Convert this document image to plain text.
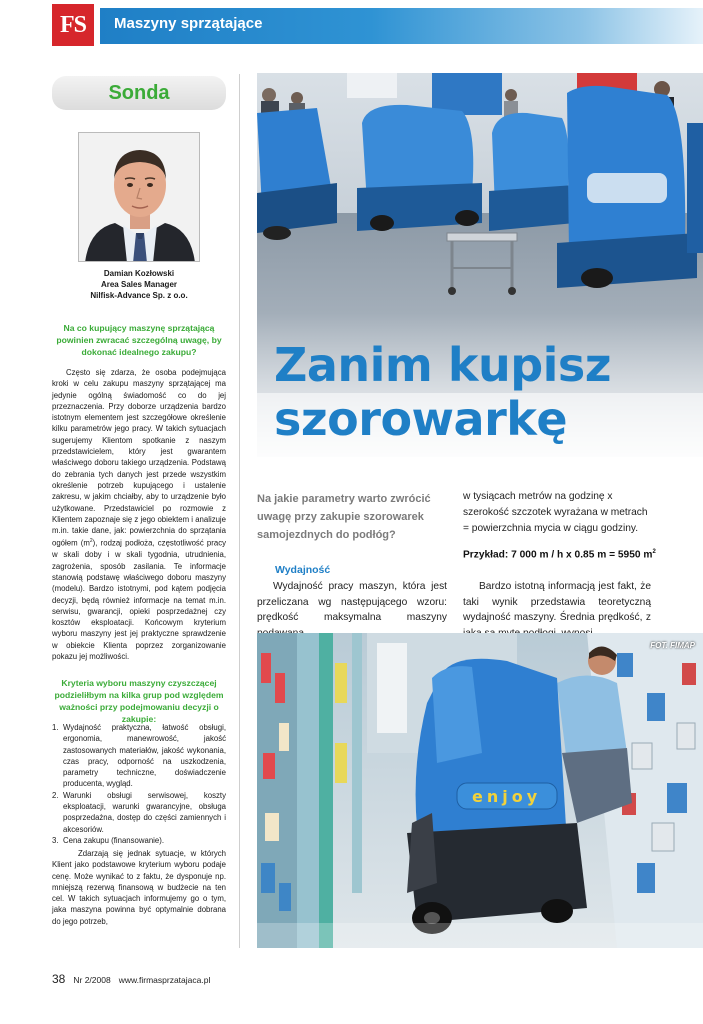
FS	Maszyny sprzątające
Sonda
Damian Kozłowski
Area Sales Manager
Nilfisk-Advance Sp. z o.o.
Na co kupujący maszynę sprzątającą powinien zwracać szczególną uwagę, by dokonać idealnego zakupu?
Często się zdarza, że osoba podejmująca kroki w celu zakupu maszyny sprzątającej ma jedynie ogólną świadomość co do jej przeznaczenia. Przy doborze urządzenia bardzo istotnym elementem jest szczegółowe określenie kilku parametrów jego pracy. W takich sytuacjach sugerujemy Klientom spotkanie z naszym przedstawicielem, który jest gwarantem właściwego doboru takiego urządzenia. Podstawą do zebrania tych danych jest przede wszystkim określenie potrzeb kupującego i ustalenie zakresu, w jakim chciałby, aby to urządzenie było użytkowane. Przedstawiciel po rozmowie z Klientem zapoznaje się z jego obiektem i analizuje m.in. takie dane, jak: powierzchnia do sprzątania ogółem $(m^2)$, rodzaj podłoża, częstotliwość pracy w skali doby i w skali tygodnia, utrudnienia, zagrożenia, sposób zasilania. Te informacje stanowią podstawę właściwego doboru maszyny (modelu). Bardzo istotnymi, pod kątem podjęcia decyzji, będą również informacje na temat m.in. serwisu, gwarancji, opieki posprzedażnej czy kosztów eksploatacji. Końcowym kryterium wyboru maszyny jest jej praktyczne sprawdzenie w obiekcie Klienta poprzez zorganizowanie pokazu jej możliwości.
Kryteria wyboru maszyny czyszczącej podzieliłbym na kilka grup pod względem ważności przy podejmowaniu decyzji o zakupie:
1. Wydajność praktyczna, łatwość obsługi, ergonomia, manewrowość, jakość zastosowanych materiałów, jakość wykonania, czas pracy, odporność na uszkodzenia, parametry techniczne, doświadczenie producenta, wygląd.
2. Warunki obsługi serwisowej, koszty eksploatacji, warunki gwarancyjne, obsługa posprzedażna, dostęp do części zamiennych i akcesoriów.
3. Cena zakupu (finansowanie).
Zdarzają się jednak sytuacje, w których Klient jako podstawowe kryterium wyboru podaje cenę. Może wynikać to z faktu, że dysponuje np. mniejszą rezerwą finansową w budżecie na ten cel. W takich sytuacjach informujemy go o tym, jaka maszyna powinna być optymalnie dobrana do jego potrzeb,
Zanim kupisz
szorowarkę
Na jakie parametry warto zwrócić uwagę przy zakupie szorowarek samojezdnych do podłóg?
Wydajność
Wydajność pracy maszyn, która jest przeliczana wg następującego wzoru: prędkość maksymalna maszyny
w tysiącach metrów na godzinę x szerokość szczotek wyrażana w metrach = powierzchnia mycia w ciągu godziny.
Przykład: 7 000 m / h x 0.85 m = 5950 $m^2$
Bardzo istotną informacją jest fakt, że taki wynik przedstawia teoretyczną wydajność maszyny. Średnia prędkość, z
enjoy
FOT. FIMAP
38 Nr 2/2008 www.firmasprzatajaca.pl
